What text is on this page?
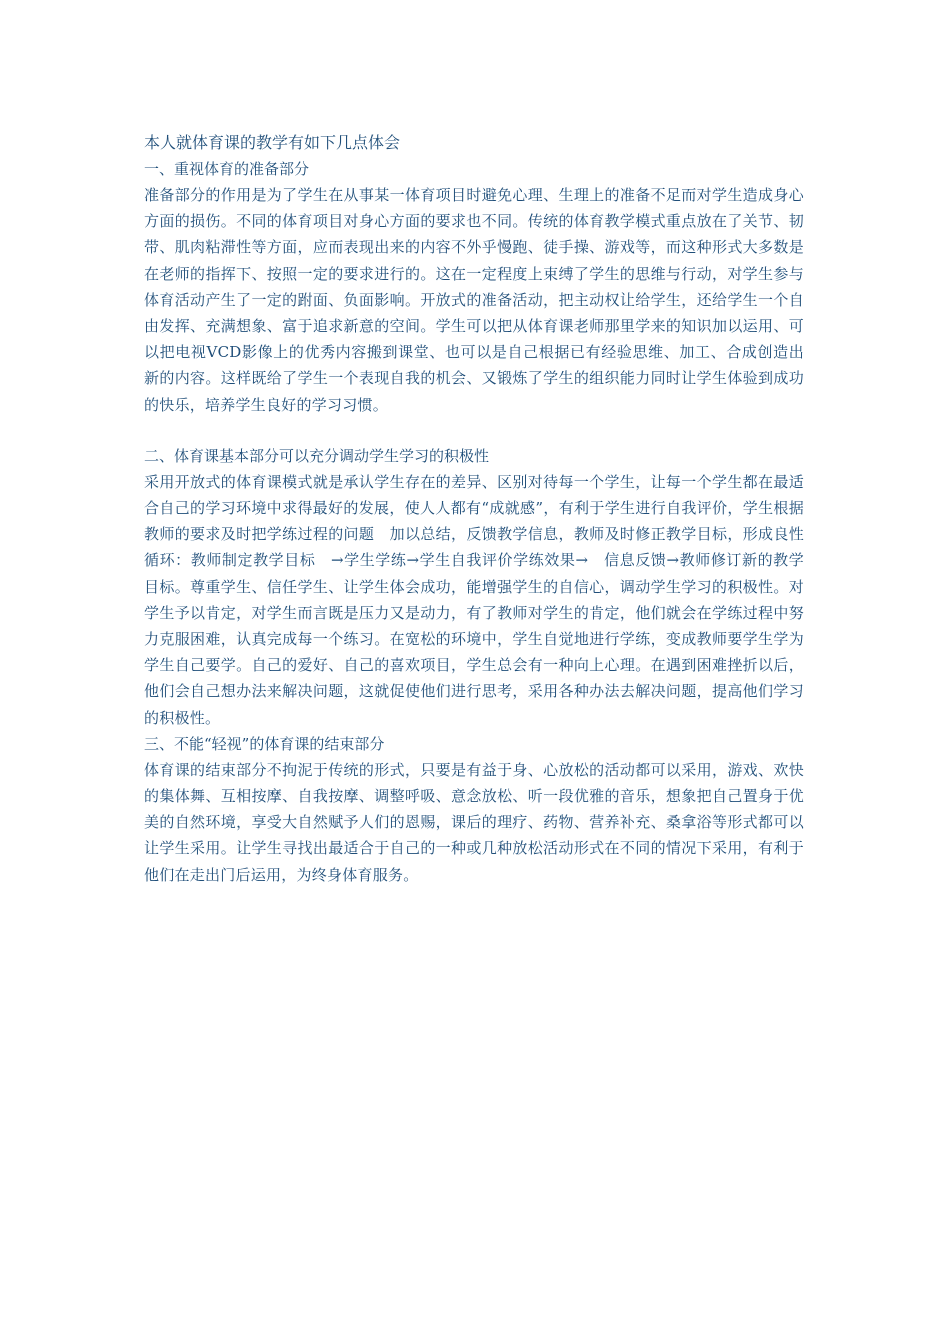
本人就体育课的教学有如下几点体会
一、重视体育的准备部分

准备部分的作用是为了学生在从事某一体育项目时避免心理、生理上的准备不足而对学生造成身心方面的损伤。不同的体育项目对身心方面的要求也不同。传统的体育教学模式重点放在了关节、韧带、肌肉粘滞性等方面，应而表现出来的内容不外乎慢跑、徒手操、游戏等，而这种形式大多数是在老师的指挥下、按照一定的要求进行的。这在一定程度上束缚了学生的思维与行动，对学生参与体育活动产生了一定的跗面、负面影响。开放式的准备活动，把主动权让给学生，还给学生一个自由发挥、充满想象、富于追求新意的空间。学生可以把从体育课老师那里学来的知识加以运用、可以把电视VCD影像上的优秀内容搬到课堂、也可以是自己根据已有经验思维、加工、合成创造出新的内容。这样既给了学生一个表现自我的机会、又锻炼了学生的组织能力同时让学生体验到成功的快乐，培养学生良好的学习习惯。

二、体育课基本部分可以充分调动学生学习的积极性

采用开放式的体育课模式就是承认学生存在的差异、区别对待每一个学生，让每一个学生都在最适合自己的学习环境中求得最好的发展，使人人都有“成就感”，有利于学生进行自我评价，学生根据教师的要求及时把学练过程的问题　加以总结，反馈教学信息，教师及时修正教学目标，形成良性循环：教师制定教学目标　→学生学练→学生自我评价学练效果→　信息反馈→教师修订新的教学目标。尊重学生、信任学生、让学生体会成功，能增强学生的自信心，调动学生学习的积极性。对学生予以肯定，对学生而言既是压力又是动力，有了教师对学生的肯定，他们就会在学练过程中努力克服困难，认真完成每一个练习。在宽松的环境中，学生自觉地进行学练，变成教师要学生学为学生自己要学。自己的爱好、自己的喜欢项目，学生总会有一种向上心理。在遇到困难挫折以后，他们会自己想办法来解决问题，这就促使他们进行思考，采用各种办法去解决问题，提高他们学习的积极性。

三、不能“轻视”的体育课的结束部分

体育课的结束部分不拘泥于传统的形式，只要是有益于身、心放松的活动都可以采用，游戏、欢快的集体舞、互相按摩、自我按摩、调整呼吸、意念放松、听一段优雅的音乐，想象把自己置身于优美的自然环境，享受大自然赋予人们的恩赐，课后的理疗、药物、营养补充、桑拿浴等形式都可以让学生采用。让学生寻找出最适合于自己的一种或几种放松活动形式在不同的情况下采用，有利于他们在走出门后运用，为终身体育服务。
